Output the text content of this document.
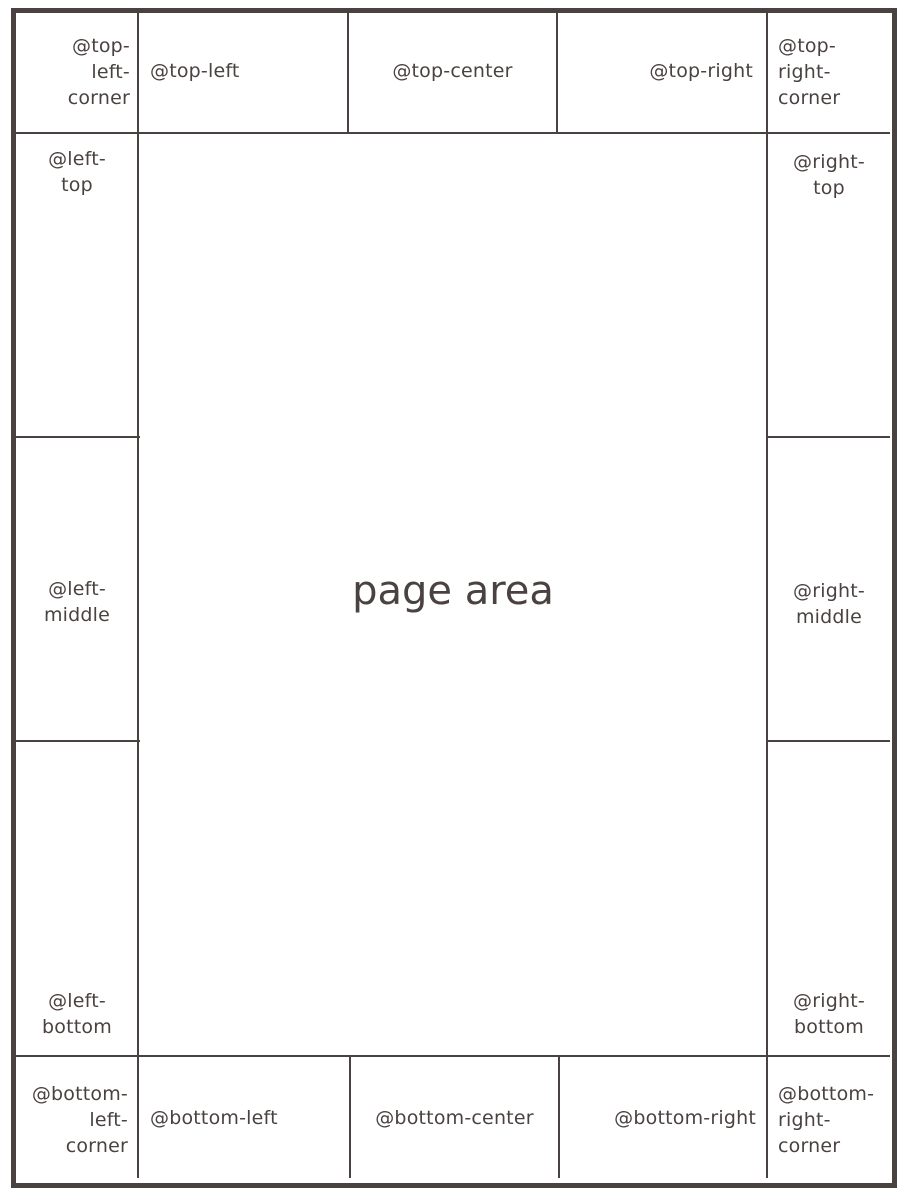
@top-
left-
corner
@top-left	@top-center	@top-right
@top-
right-
corner
@left-
top
@left-
middle
@left-
bottom
@right-
top
@right-
middle
@right-
bottom
@bottom-
left-
corner
@bottom-left	@bottom-center	@bottom-right
@bottom-
right-
corner
page area
